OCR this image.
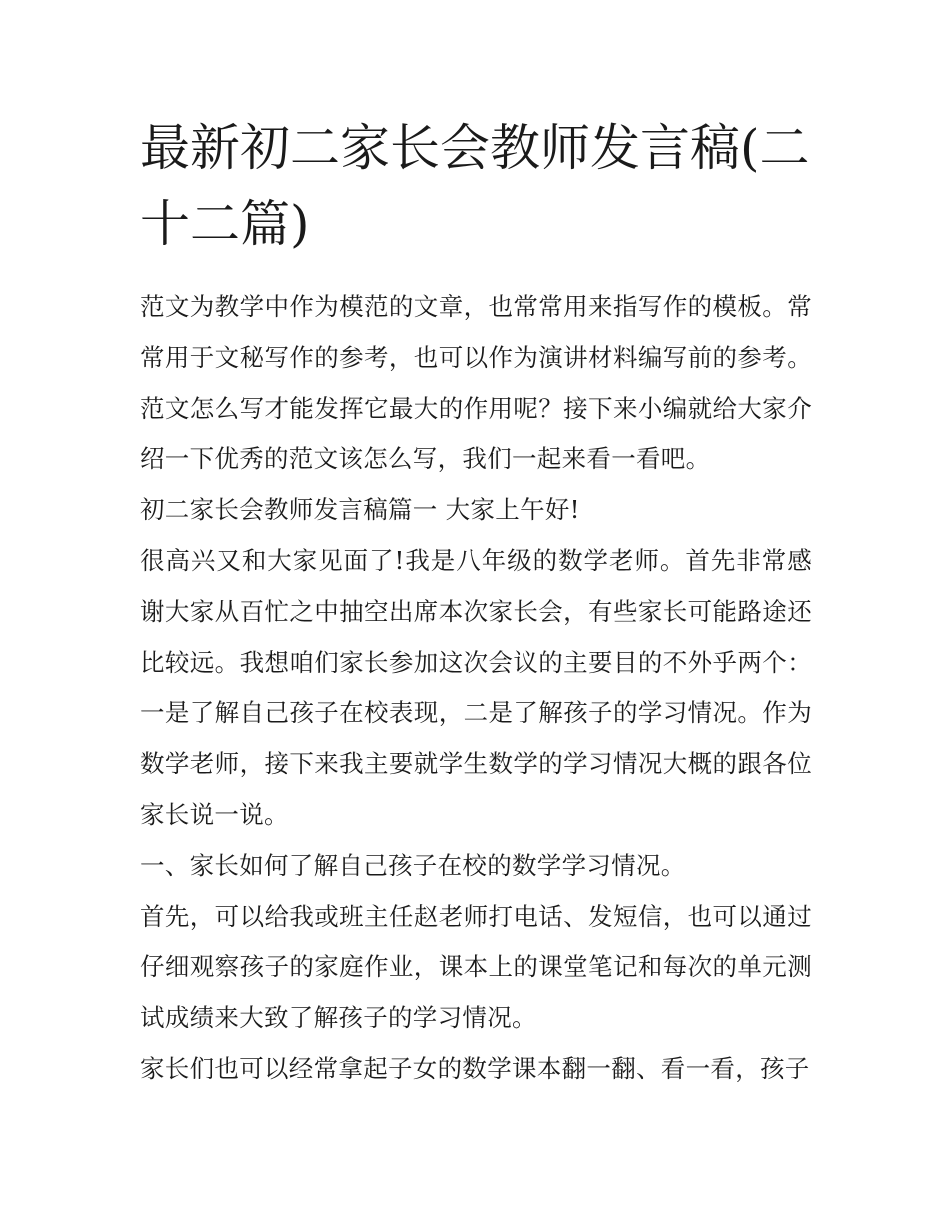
最新初二家长会教师发言稿(二十二篇)

范文为教学中作为模范的文章，也常常用来指写作的模板。常常用于文秘写作的参考，也可以作为演讲材料编写前的参考。范文怎么写才能发挥它最大的作用呢？接下来小编就给大家介绍一下优秀的范文该怎么写，我们一起来看一看吧。

初二家长会教师发言稿篇一 大家上午好!

很高兴又和大家见面了!我是八年级的数学老师。首先非常感谢大家从百忙之中抽空出席本次家长会，有些家长可能路途还比较远。我想咱们家长参加这次会议的主要目的不外乎两个：一是了解自己孩子在校表现，二是了解孩子的学习情况。作为数学老师，接下来我主要就学生数学的学习情况大概的跟各位家长说一说。

一、家长如何了解自己孩子在校的数学学习情况。

首先，可以给我或班主任赵老师打电话、发短信，也可以通过仔细观察孩子的家庭作业，课本上的课堂笔记和每次的单元测试成绩来大致了解孩子的学习情况。

家长们也可以经常拿起子女的数学课本翻一翻、看一看，孩子
